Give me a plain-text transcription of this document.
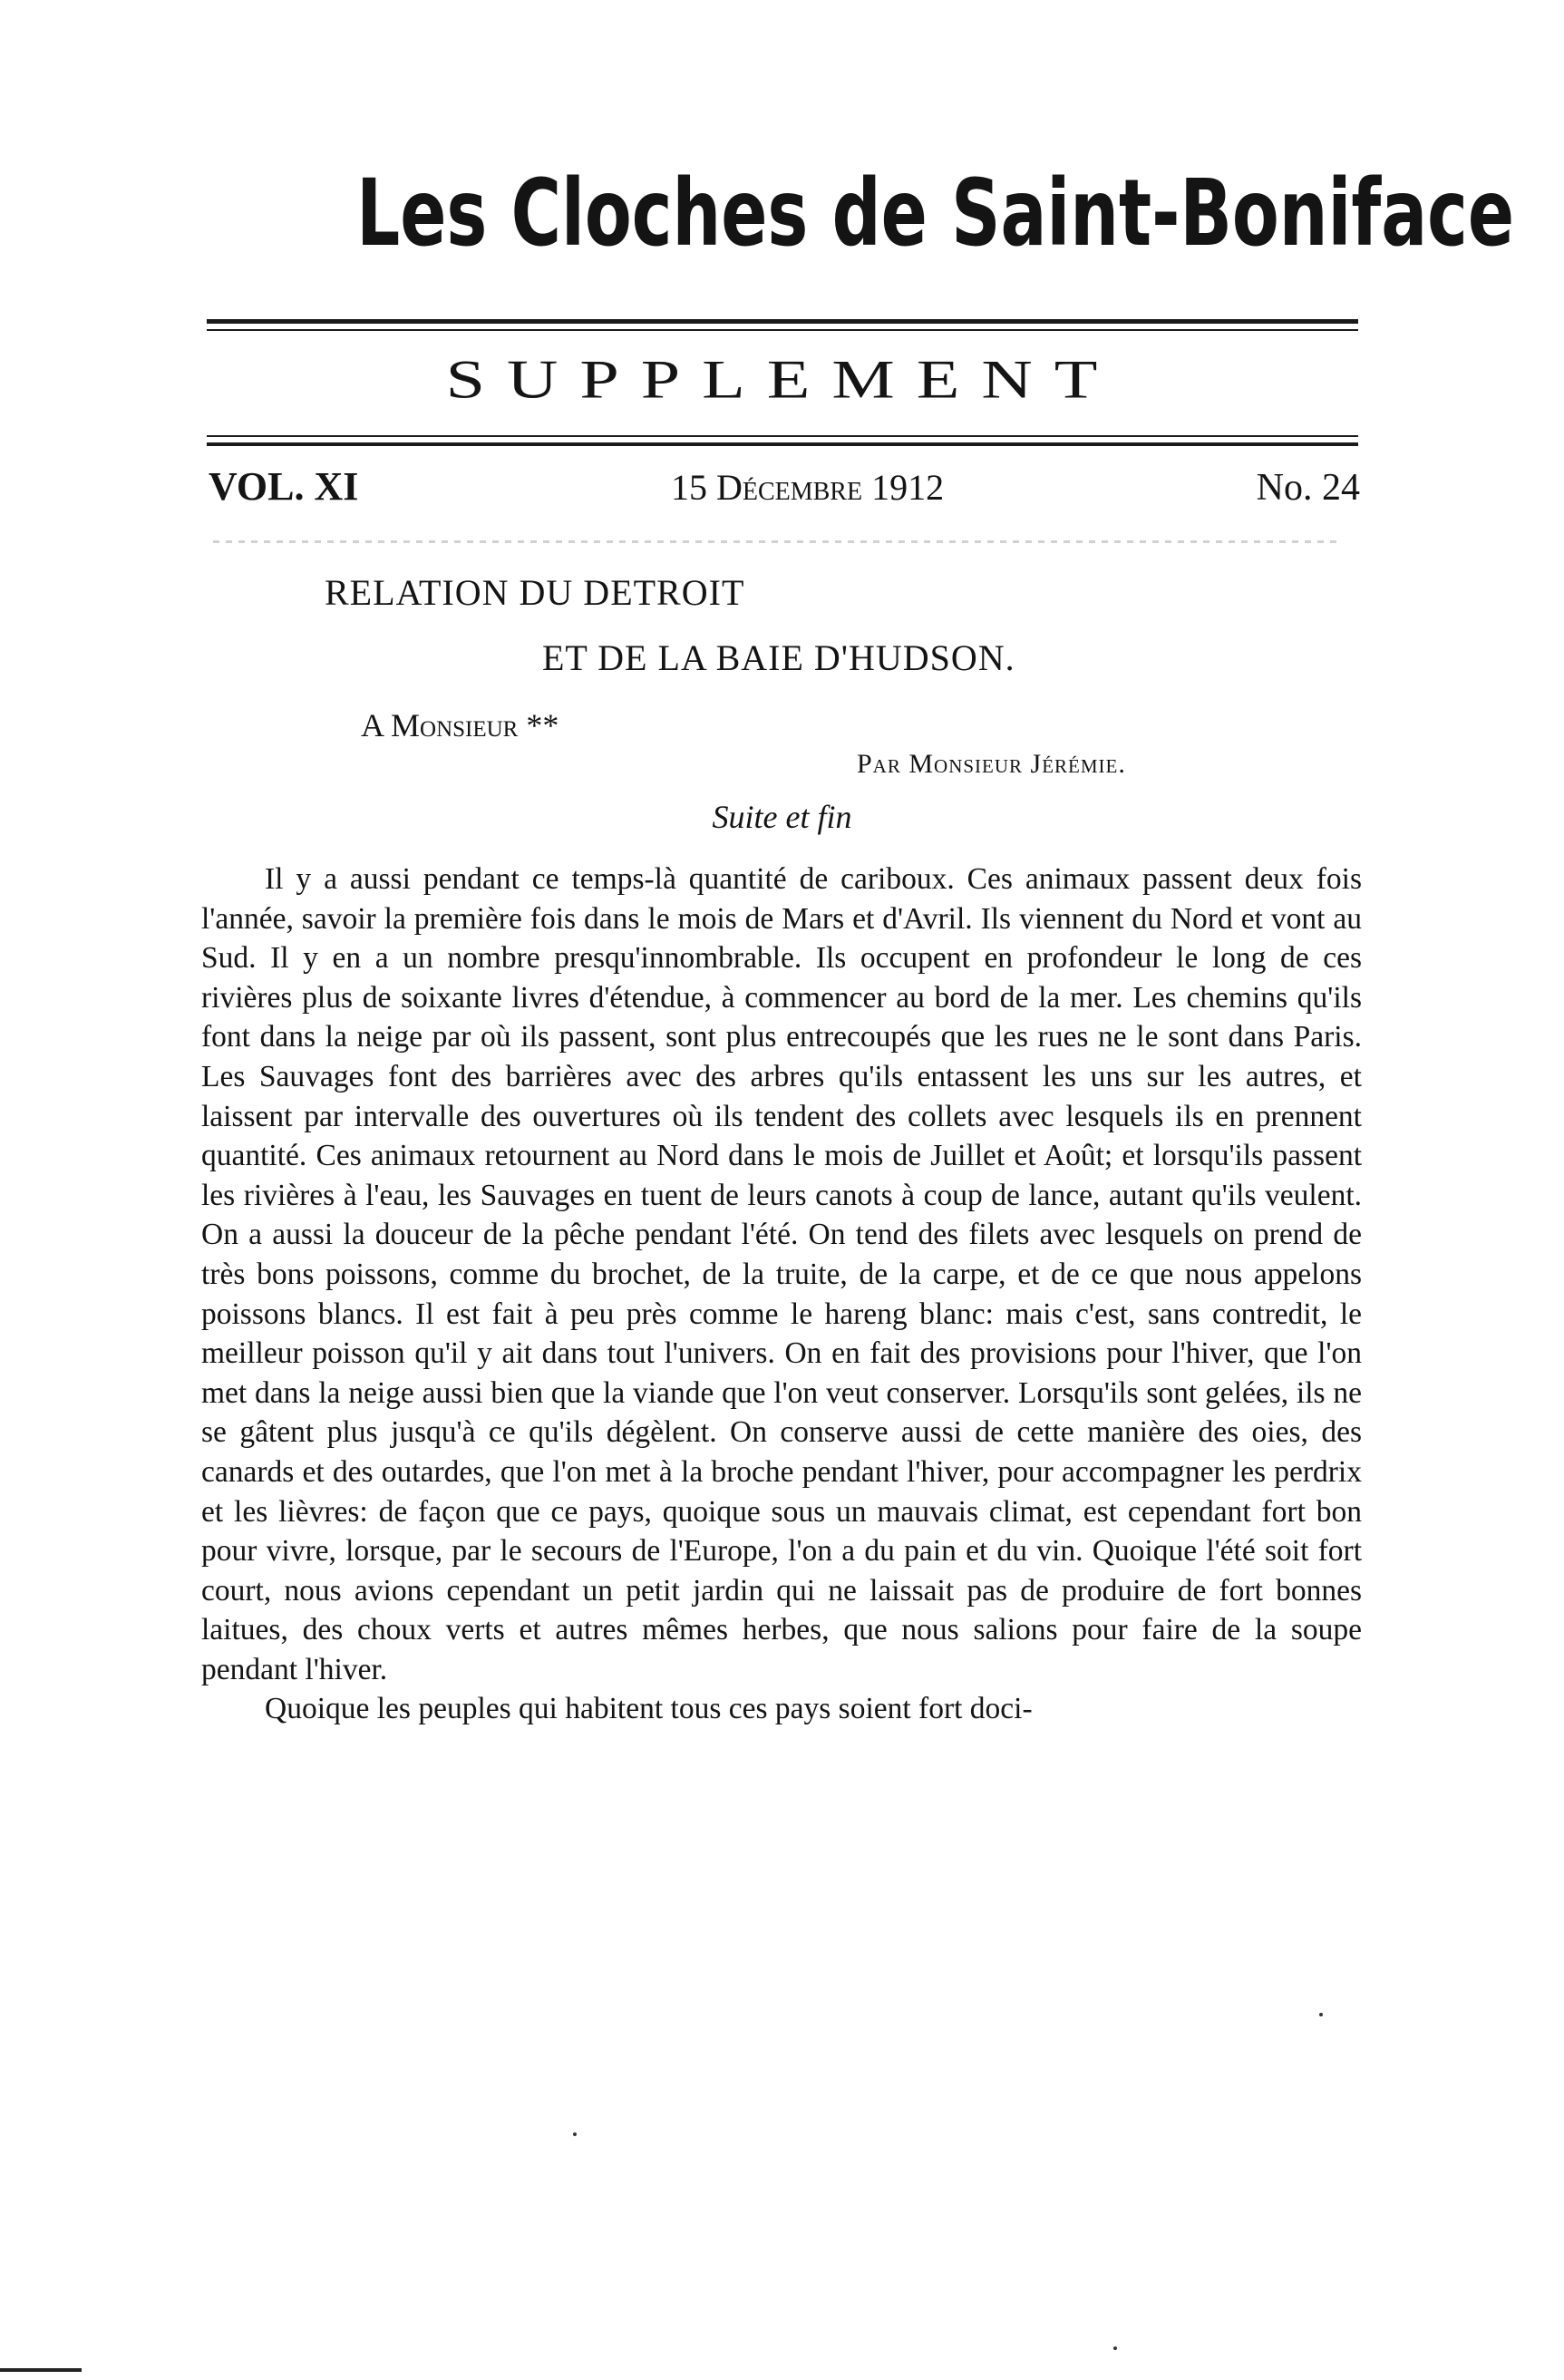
Les Cloches de Saint-Boniface
SUPPLEMENT
VOL. XI	15 Décembre 1912	No. 24
RELATION DU DETROIT
ET DE LA BAIE D'HUDSON.
A Monsieur **
Par Monsieur Jérémie.
Suite et fin

Il y a aussi pendant ce temps-là quantité de cariboux. Ces animaux passent deux fois l'année, savoir la première fois dans le mois de Mars et d'Avril. Ils viennent du Nord et vont au Sud. Il y en a un nombre presqu'innombrable. Ils occupent en profondeur le long de ces rivières plus de soixante livres d'étendue, à commencer au bord de la mer. Les chemins qu'ils font dans la neige par où ils passent, sont plus entrecoupés que les rues ne le sont dans Paris. Les Sauvages font des barrières avec des arbres qu'ils entassent les uns sur les autres, et laissent par intervalle des ouvertures où ils tendent des collets avec lesquels ils en prennent quantité. Ces animaux retournent au Nord dans le mois de Juillet et Août; et lorsqu'ils passent les rivières à l'eau, les Sauvages en tuent de leurs canots à coup de lance, autant qu'ils veulent. On a aussi la douceur de la pêche pendant l'été. On tend des filets avec lesquels on prend de très bons poissons, comme du brochet, de la truite, de la carpe, et de ce que nous appelons poissons blancs. Il est fait à peu près comme le hareng blanc: mais c'est, sans contredit, le meilleur poisson qu'il y ait dans tout l'univers. On en fait des provisions pour l'hiver, que l'on met dans la neige aussi bien que la viande que l'on veut conserver. Lorsqu'ils sont gelées, ils ne se gâtent plus jusqu'à ce qu'ils dégèlent. On conserve aussi de cette manière des oies, des canards et des outardes, que l'on met à la broche pendant l'hiver, pour accompagner les perdrix et les lièvres: de façon que ce pays, quoique sous un mauvais climat, est cependant fort bon pour vivre, lorsque, par le secours de l'Europe, l'on a du pain et du vin. Quoique l'été soit fort court, nous avions cependant un petit jardin qui ne laissait pas de produire de fort bonnes laitues, des choux verts et autres mêmes herbes, que nous salions pour faire de la soupe pendant l'hiver.

Quoique les peuples qui habitent tous ces pays soient fort doci-
